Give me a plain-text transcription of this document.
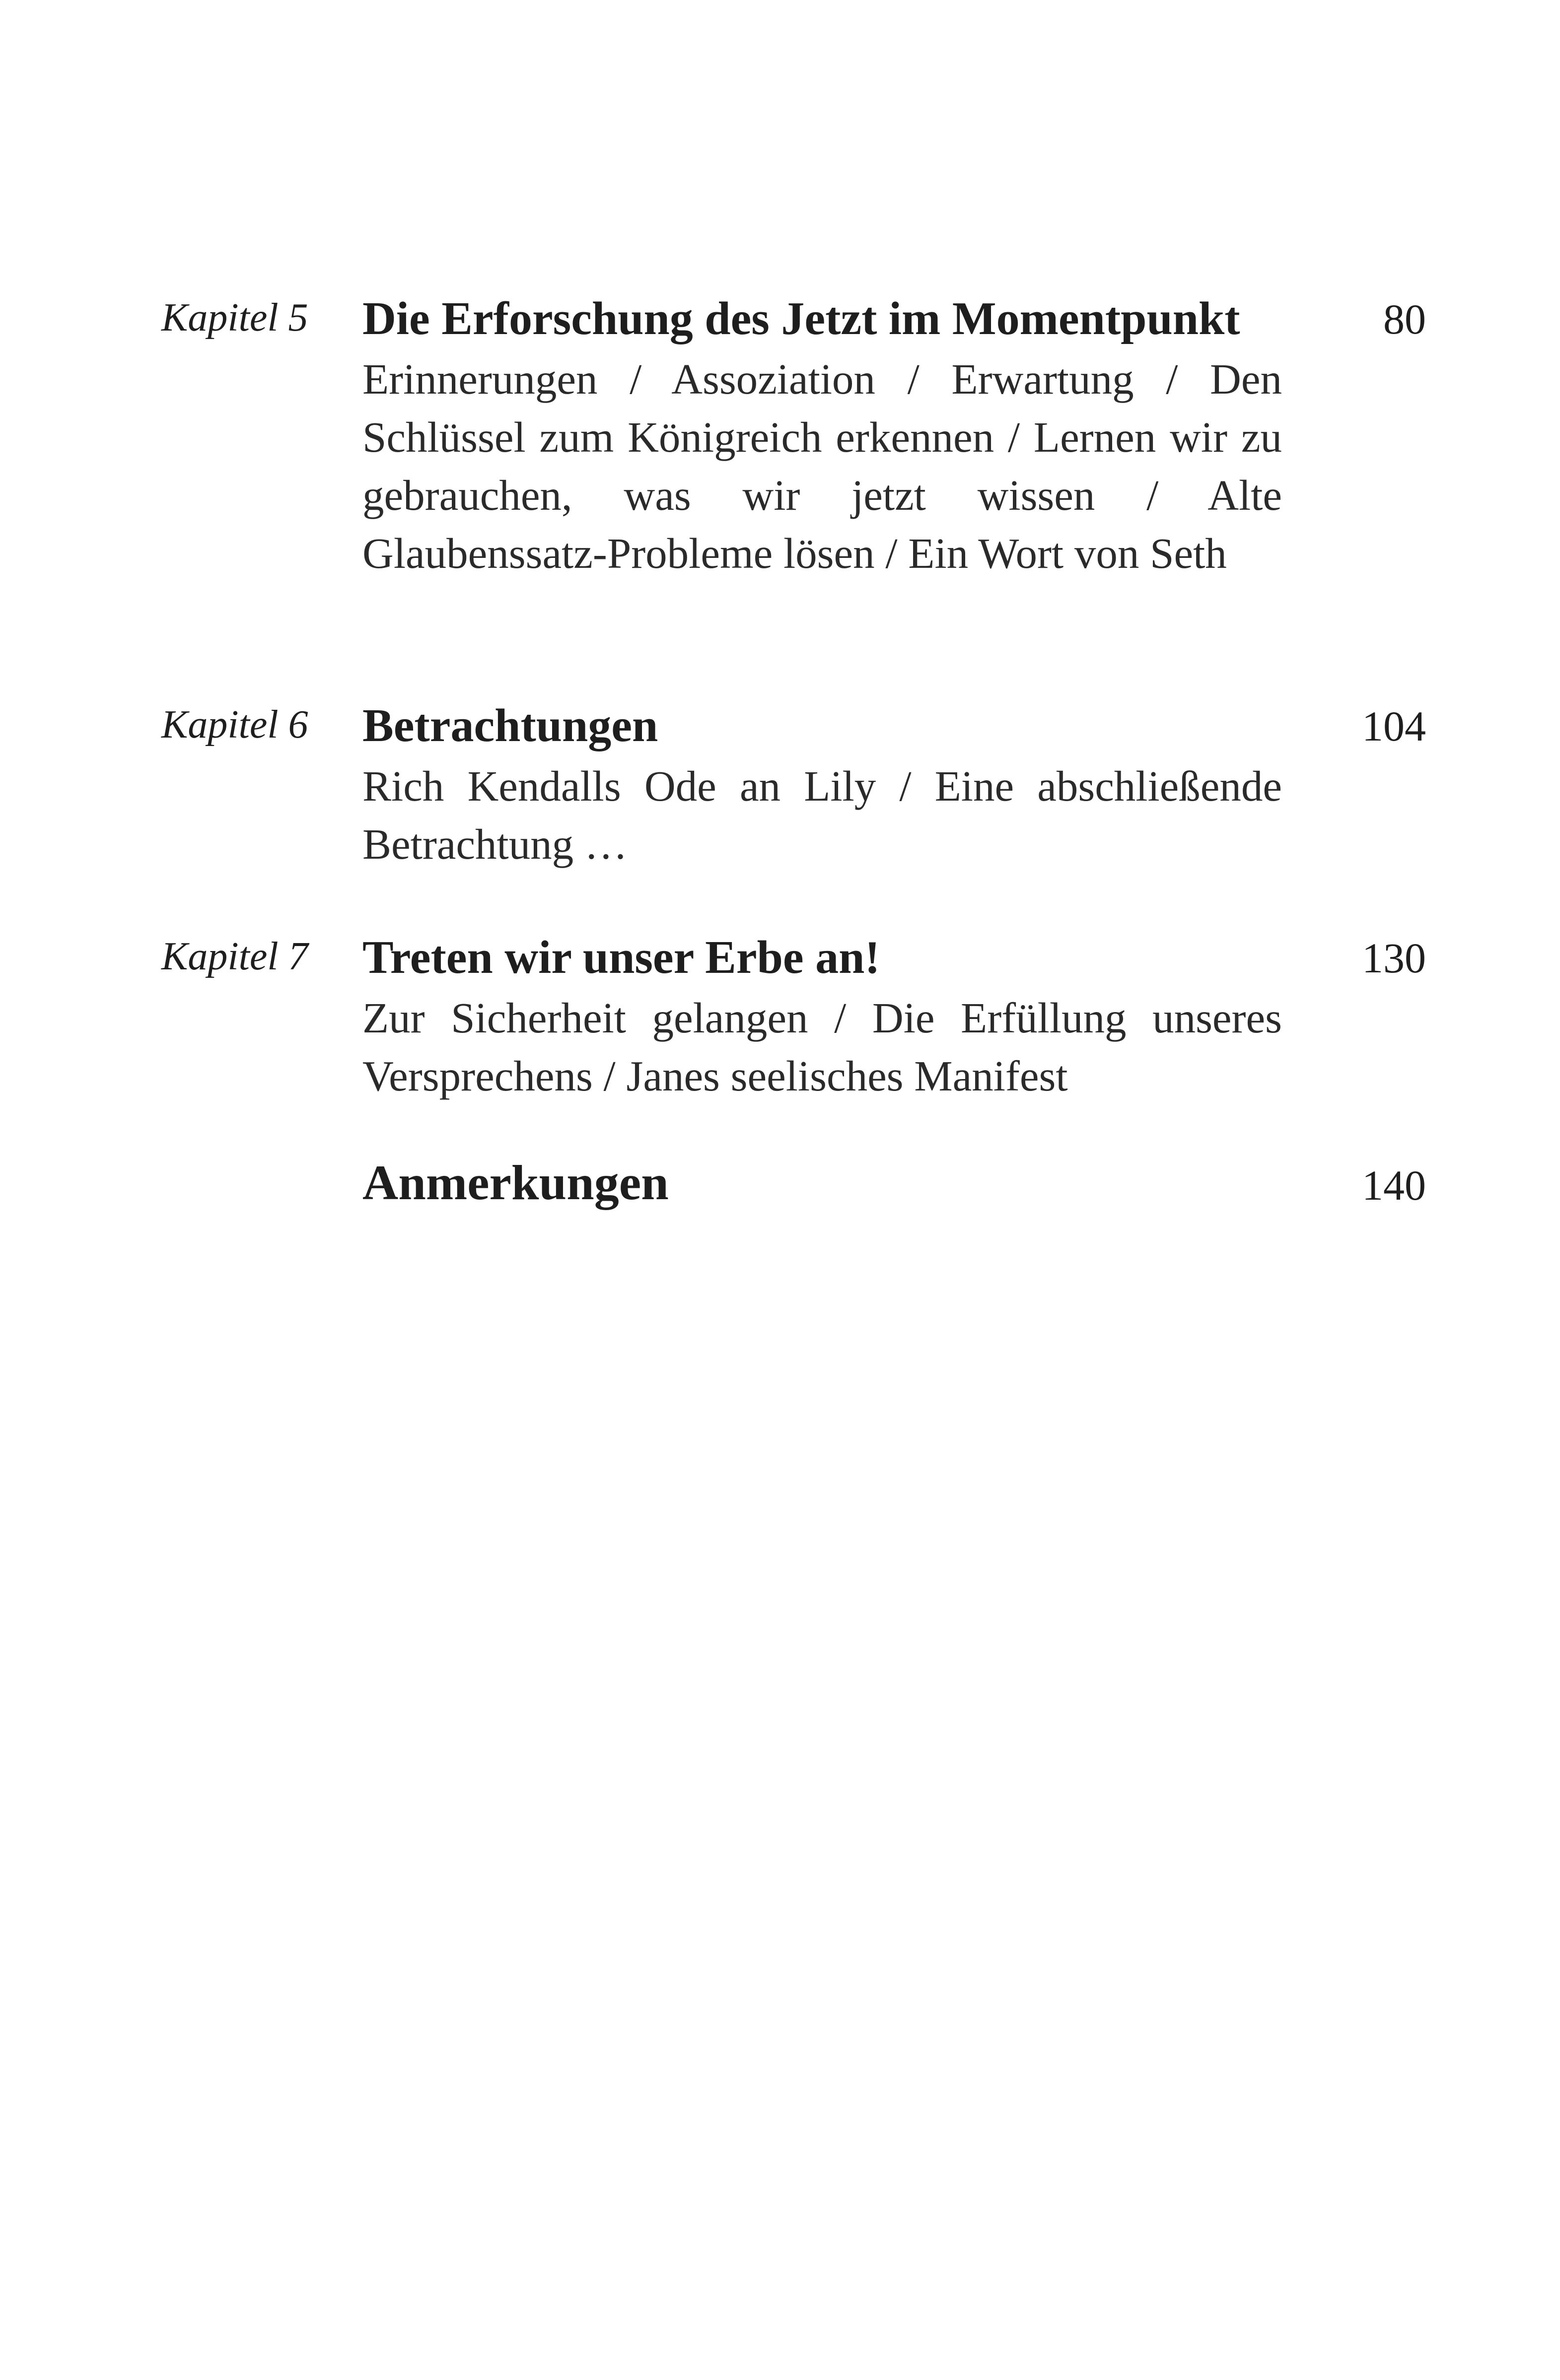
Kapitel 5 Die Erforschung des Jetzt im Momentpunkt	80
Erinnerungen / Assoziation / Erwartung / Den Schlüssel zum Königreich erkennen / Lernen wir zu gebrauchen, was wir jetzt wissen / Alte Glaubenssatz-Probleme lösen / Ein Wort von Seth
Kapitel 6 Betrachtungen	104
Rich Kendalls Ode an Lily / Eine abschließende Betrachtung …
Kapitel 7 Treten wir unser Erbe an!	130
Zur Sicherheit gelangen / Die Erfüllung unseres Versprechens / Janes seelisches Manifest
Anmerkungen	140
